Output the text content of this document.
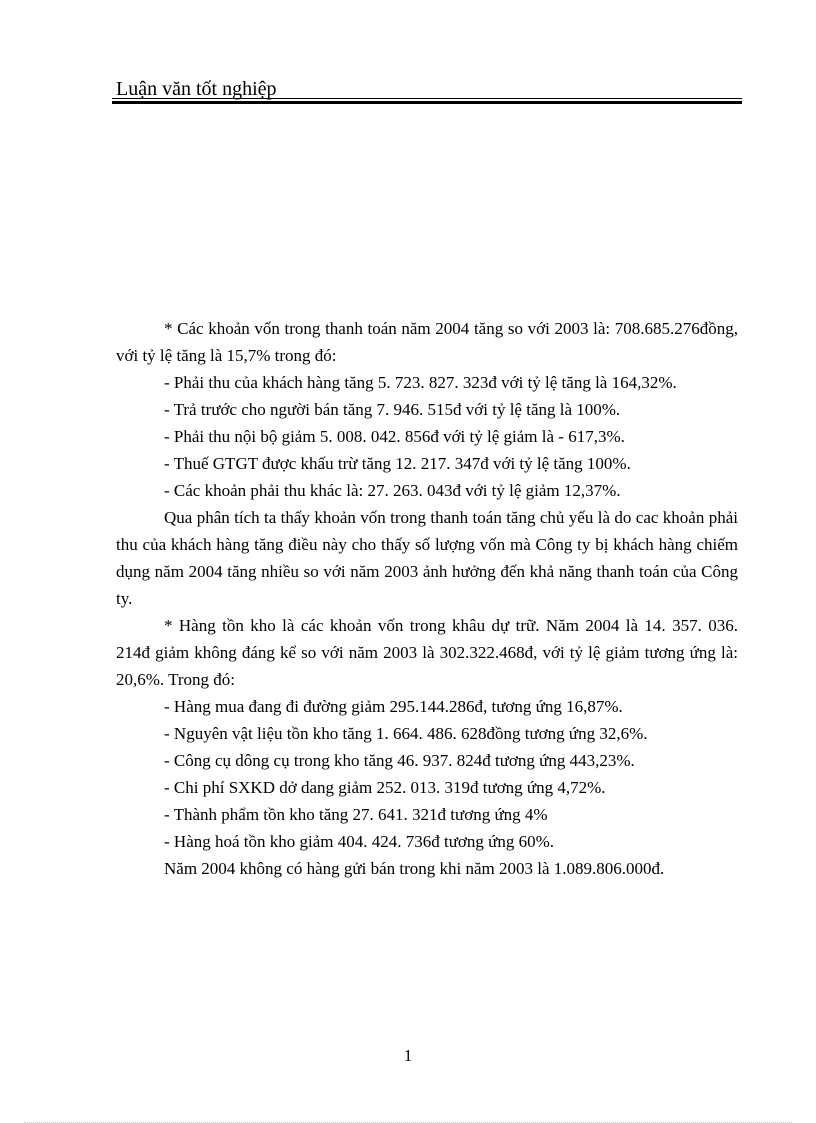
Luận văn tốt nghiệp

* Các khoản vốn trong thanh toán năm 2004 tăng so với 2003 là: 708.685.276đồng, với tỷ lệ tăng là 15,7% trong đó:

- Phải thu của khách hàng tăng 5. 723. 827. 323đ với tỷ lệ tăng là 164,32%.

- Trả trước cho người bán tăng 7. 946. 515đ với tỷ lệ tăng là 100%.

- Phải thu nội bộ giảm 5. 008. 042. 856đ với tỷ lệ giảm là - 617,3%.

- Thuế GTGT được khấu trừ tăng 12. 217. 347đ với tỷ lệ tăng 100%.

- Các khoản phải thu khác là: 27. 263. 043đ với tỷ lệ giảm 12,37%.

Qua phân tích ta thấy khoản vốn trong thanh toán tăng chủ yếu là do cac khoản phải thu của khách hàng tăng điều này cho thấy số lượng vốn mà Công ty bị khách hàng chiếm dụng năm 2004 tăng nhiều so với năm 2003 ảnh hưởng đến khả năng thanh toán của Công ty.

* Hàng tồn kho là các khoản vốn trong khâu dự trữ. Năm 2004 là 14. 357. 036. 214đ giảm không đáng kể so với năm 2003 là 302.322.468đ, với tỷ lệ giảm tương ứng là: 20,6%. Trong đó:

- Hàng mua đang đi đường giảm 295.144.286đ, tương ứng 16,87%.

- Nguyên vật liệu tồn kho tăng 1. 664. 486. 628đồng tương ứng 32,6%.

- Công cụ dông cụ trong kho tăng 46. 937. 824đ tương ứng 443,23%.

- Chi phí SXKD dở dang giảm 252. 013. 319đ tương ứng 4,72%.

- Thành phẩm tồn kho tăng 27. 641. 321đ tương ứng 4%

- Hàng hoá tồn kho giảm 404. 424. 736đ tương ứng 60%.

Năm 2004 không có hàng gửi bán trong khi năm 2003 là 1.089.806.000đ.

1
